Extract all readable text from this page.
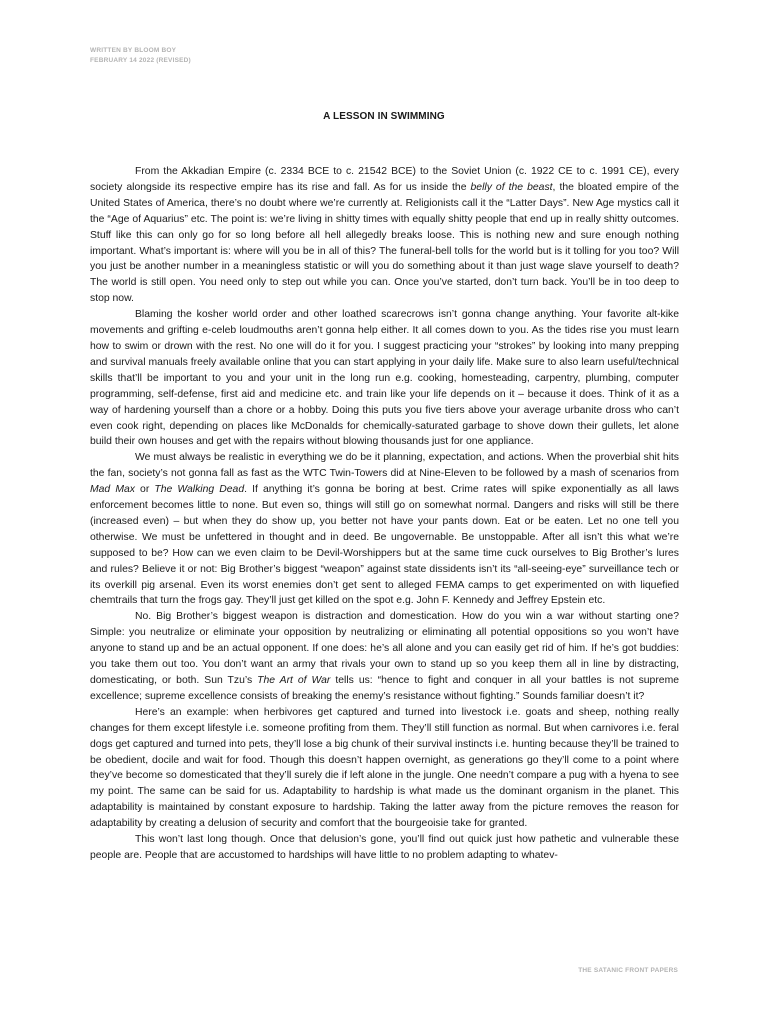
WRITTEN BY BLOOM BOY
FEBRUARY 14 2022 (REVISED)
A LESSON IN SWIMMING

From the Akkadian Empire (c. 2334 BCE to c. 21542 BCE) to the Soviet Union (c. 1922 CE to c. 1991 CE), every society alongside its respective empire has its rise and fall. As for us inside the belly of the beast, the bloated empire of the United States of America, there’s no doubt where we’re currently at. Religionists call it the “Latter Days”. New Age mystics call it the “Age of Aquarius” etc. The point is: we’re living in shitty times with equally shitty people that end up in really shitty outcomes. Stuff like this can only go for so long before all hell allegedly breaks loose. This is nothing new and sure enough nothing important. What’s important is: where will you be in all of this? The funeral-bell tolls for the world but is it tolling for you too? Will you just be another number in a meaningless statistic or will you do something about it than just wage slave yourself to death? The world is still open. You need only to step out while you can. Once you’ve started, don’t turn back. You’ll be in too deep to stop now.

Blaming the kosher world order and other loathed scarecrows isn’t gonna change anything. Your favorite alt-kike movements and grifting e-celeb loudmouths aren’t gonna help either. It all comes down to you. As the tides rise you must learn how to swim or drown with the rest. No one will do it for you. I suggest practicing your “strokes” by looking into many prepping and survival manuals freely available online that you can start applying in your daily life. Make sure to also learn useful/technical skills that’ll be important to you and your unit in the long run e.g. cooking, homesteading, carpentry, plumbing, computer programming, self-defense, first aid and medicine etc. and train like your life depends on it – because it does. Think of it as a way of hardening yourself than a chore or a hobby. Doing this puts you five tiers above your average urbanite dross who can’t even cook right, depending on places like McDonalds for chemically-saturated garbage to shove down their gullets, let alone build their own houses and get with the repairs without blowing thousands just for one appliance.

We must always be realistic in everything we do be it planning, expectation, and actions. When the proverbial shit hits the fan, society’s not gonna fall as fast as the WTC Twin-Towers did at Nine-Eleven to be followed by a mash of scenarios from Mad Max or The Walking Dead. If anything it’s gonna be boring at best. Crime rates will spike exponentially as all laws enforcement becomes little to none. But even so, things will still go on somewhat normal. Dangers and risks will still be there (increased even) – but when they do show up, you better not have your pants down. Eat or be eaten. Let no one tell you otherwise. We must be unfettered in thought and in deed. Be ungovernable. Be unstoppable. After all isn’t this what we’re supposed to be? How can we even claim to be Devil-Worshippers but at the same time cuck ourselves to Big Brother’s lures and rules? Believe it or not: Big Brother’s biggest “weapon” against state dissidents isn’t its “all-seeing-eye” surveillance tech or its overkill pig arsenal. Even its worst enemies don’t get sent to alleged FEMA camps to get experimented on with liquefied chemtrails that turn the frogs gay. They’ll just get killed on the spot e.g. John F. Kennedy and Jeffrey Epstein etc.

No. Big Brother’s biggest weapon is distraction and domestication. How do you win a war without starting one? Simple: you neutralize or eliminate your opposition by neutralizing or eliminating all potential oppositions so you won’t have anyone to stand up and be an actual opponent. If one does: he’s all alone and you can easily get rid of him. If he’s got buddies: you take them out too. You don’t want an army that rivals your own to stand up so you keep them all in line by distracting, domesticating, or both. Sun Tzu’s The Art of War tells us: “hence to fight and conquer in all your battles is not supreme excellence; supreme excellence consists of breaking the enemy’s resistance without fighting.” Sounds familiar doesn’t it?

Here’s an example: when herbivores get captured and turned into livestock i.e. goats and sheep, nothing really changes for them except lifestyle i.e. someone profiting from them. They’ll still function as normal. But when carnivores i.e. feral dogs get captured and turned into pets, they’ll lose a big chunk of their survival instincts i.e. hunting because they’ll be trained to be obedient, docile and wait for food. Though this doesn’t happen overnight, as generations go they’ll come to a point where they’ve become so domesticated that they’ll surely die if left alone in the jungle. One needn’t compare a pug with a hyena to see my point. The same can be said for us. Adaptability to hardship is what made us the dominant organism in the planet. This adaptability is maintained by constant exposure to hardship. Taking the latter away from the picture removes the reason for adaptability by creating a delusion of security and comfort that the bourgeoisie take for granted.

This won’t last long though. Once that delusion’s gone, you’ll find out quick just how pathetic and vulnerable these people are. People that are accustomed to hardships will have little to no problem adapting to whatev-

THE SATANIC FRONT PAPERS
